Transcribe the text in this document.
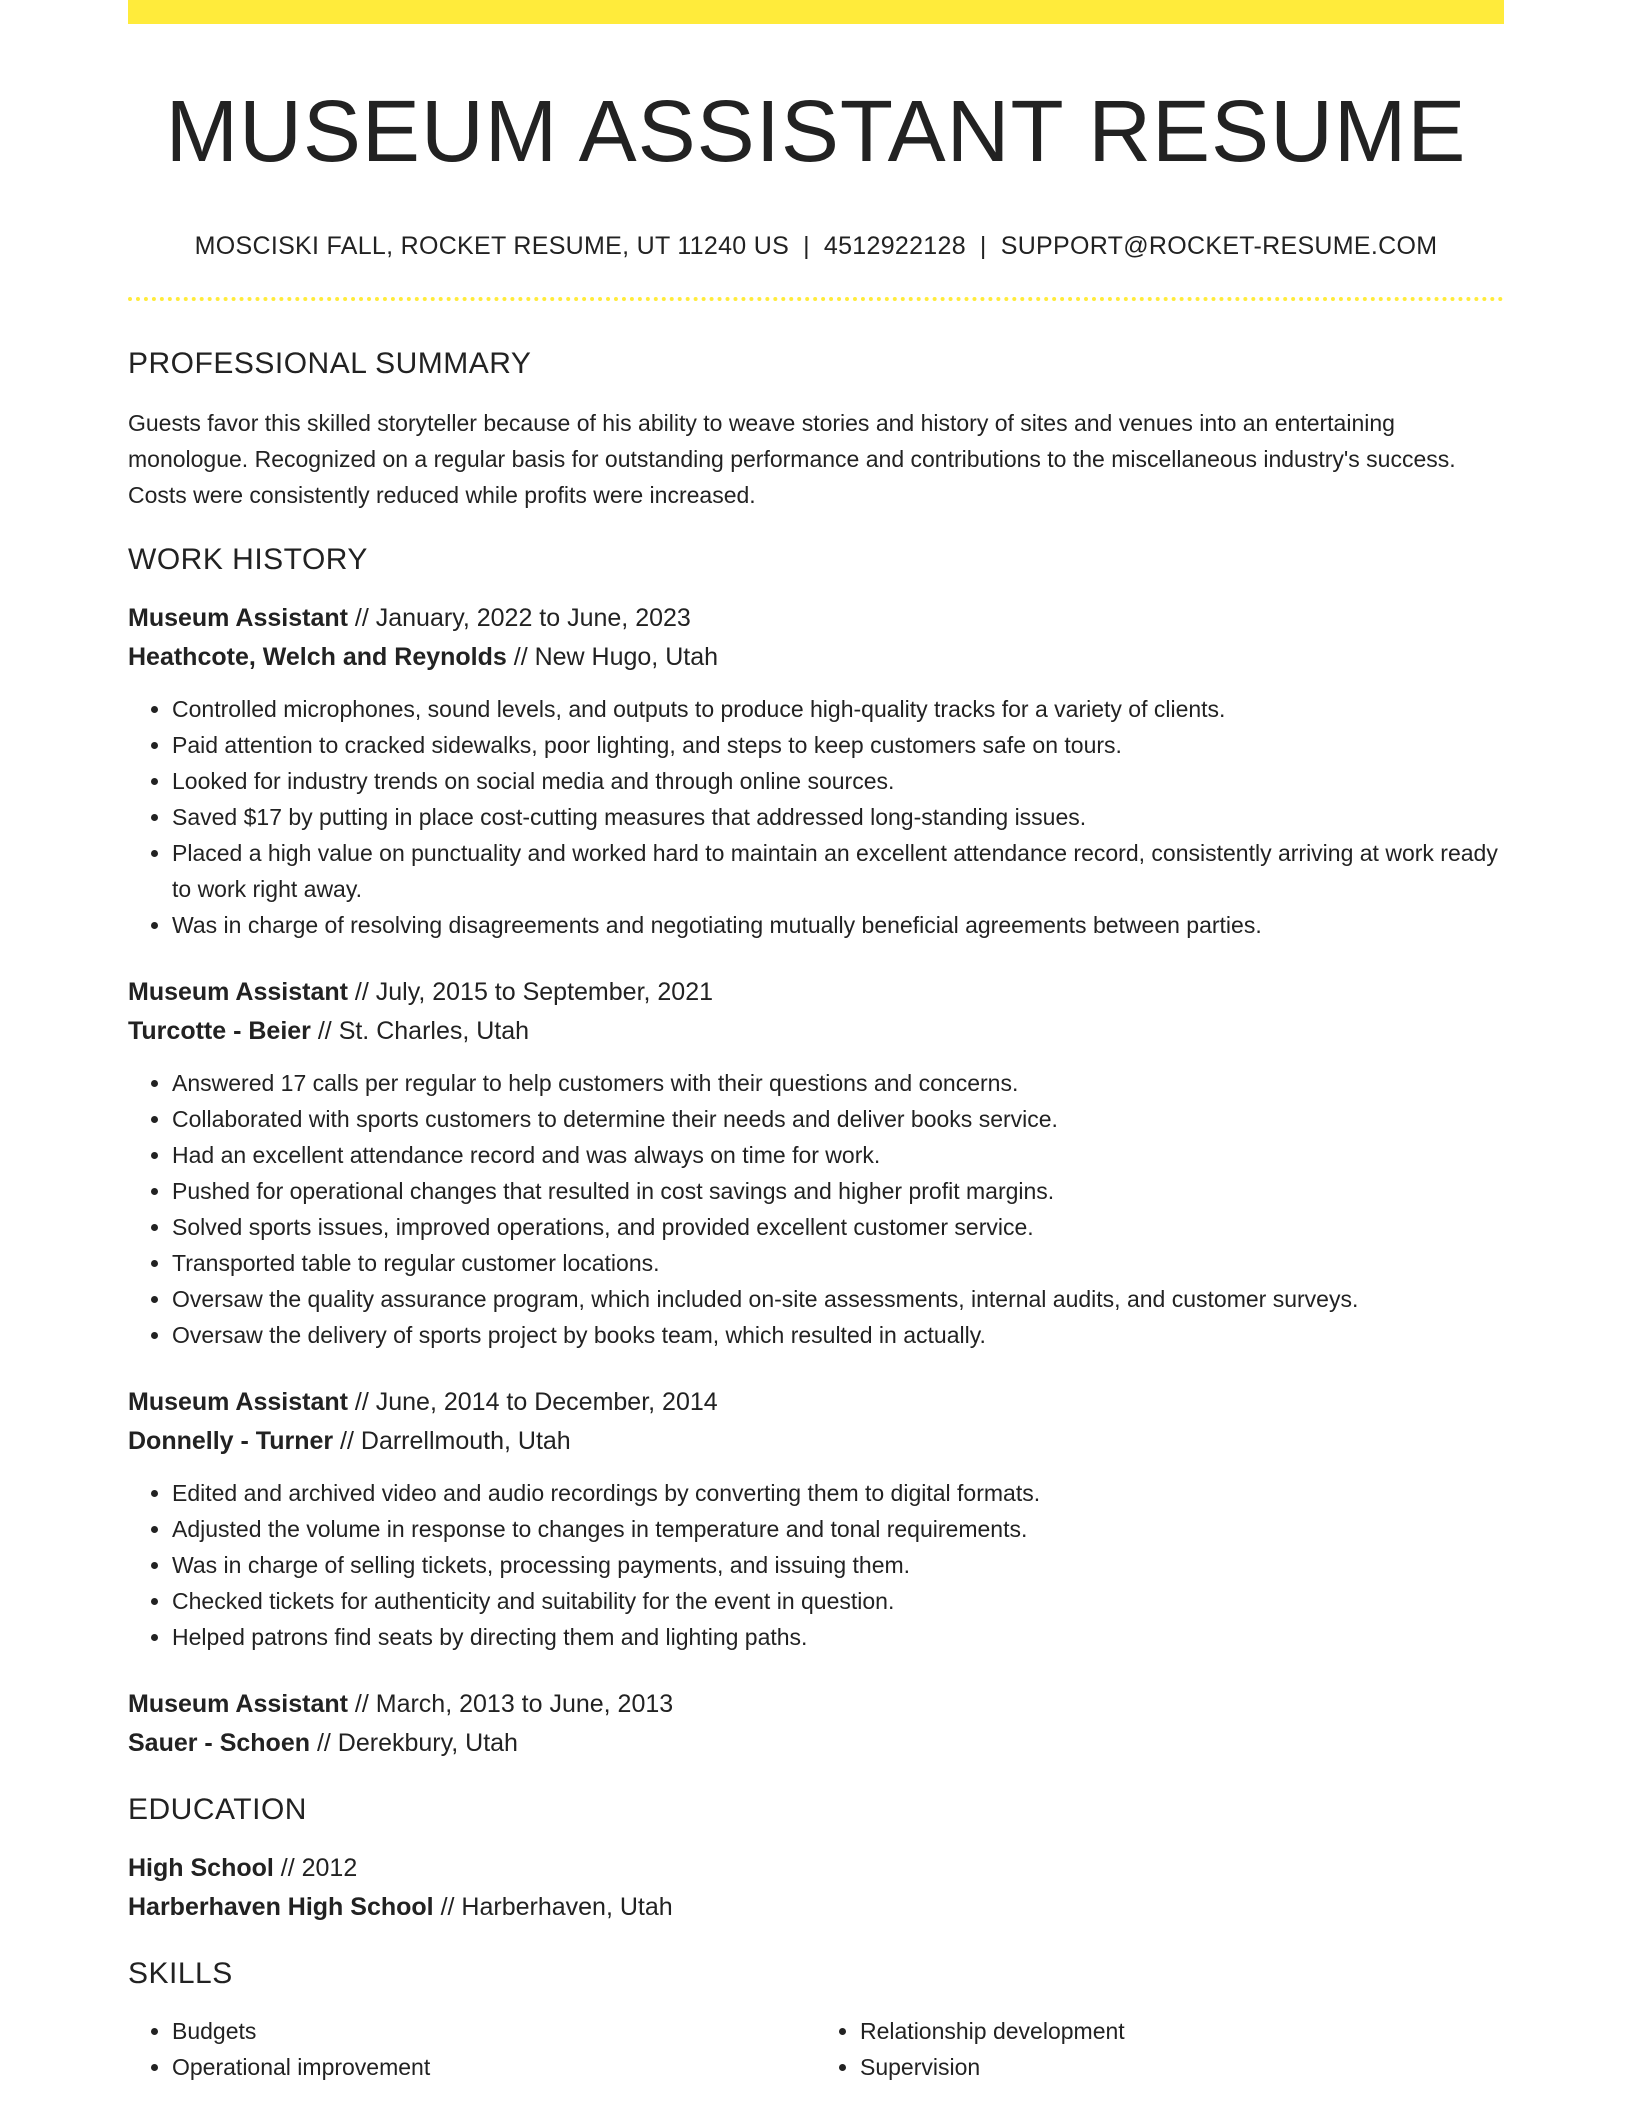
MUSEUM ASSISTANT RESUME
MOSCISKI FALL, ROCKET RESUME, UT 11240 US | 4512922128 | SUPPORT@ROCKET-RESUME.COM
PROFESSIONAL SUMMARY

Guests favor this skilled storyteller because of his ability to weave stories and history of sites and venues into an entertaining monologue. Recognized on a regular basis for outstanding performance and contributions to the miscellaneous industry's success. Costs were consistently reduced while profits were increased.

WORK HISTORY
Museum Assistant // January, 2022 to June, 2023
Heathcote, Welch and Reynolds // New Hugo, Utah
• Controlled microphones, sound levels, and outputs to produce high-quality tracks for a variety of clients.
• Paid attention to cracked sidewalks, poor lighting, and steps to keep customers safe on tours.
• Looked for industry trends on social media and through online sources.
• Saved $17 by putting in place cost-cutting measures that addressed long-standing issues.
• Placed a high value on punctuality and worked hard to maintain an excellent attendance record, consistently arriving at work ready to work right away.
• Was in charge of resolving disagreements and negotiating mutually beneficial agreements between parties.
Museum Assistant // July, 2015 to September, 2021
Turcotte - Beier // St. Charles, Utah
• Answered 17 calls per regular to help customers with their questions and concerns.
• Collaborated with sports customers to determine their needs and deliver books service.
• Had an excellent attendance record and was always on time for work.
• Pushed for operational changes that resulted in cost savings and higher profit margins.
• Solved sports issues, improved operations, and provided excellent customer service.
• Transported table to regular customer locations.
• Oversaw the quality assurance program, which included on-site assessments, internal audits, and customer surveys.
• Oversaw the delivery of sports project by books team, which resulted in actually.
Museum Assistant // June, 2014 to December, 2014
Donnelly - Turner // Darrellmouth, Utah
• Edited and archived video and audio recordings by converting them to digital formats.
• Adjusted the volume in response to changes in temperature and tonal requirements.
• Was in charge of selling tickets, processing payments, and issuing them.
• Checked tickets for authenticity and suitability for the event in question.
• Helped patrons find seats by directing them and lighting paths.
Museum Assistant // March, 2013 to June, 2013
Sauer - Schoen // Derekbury, Utah
EDUCATION
High School // 2012
Harberhaven High School // Harberhaven, Utah
SKILLS
• Budgets
• Operational improvement
• Relationship development
• Supervision
